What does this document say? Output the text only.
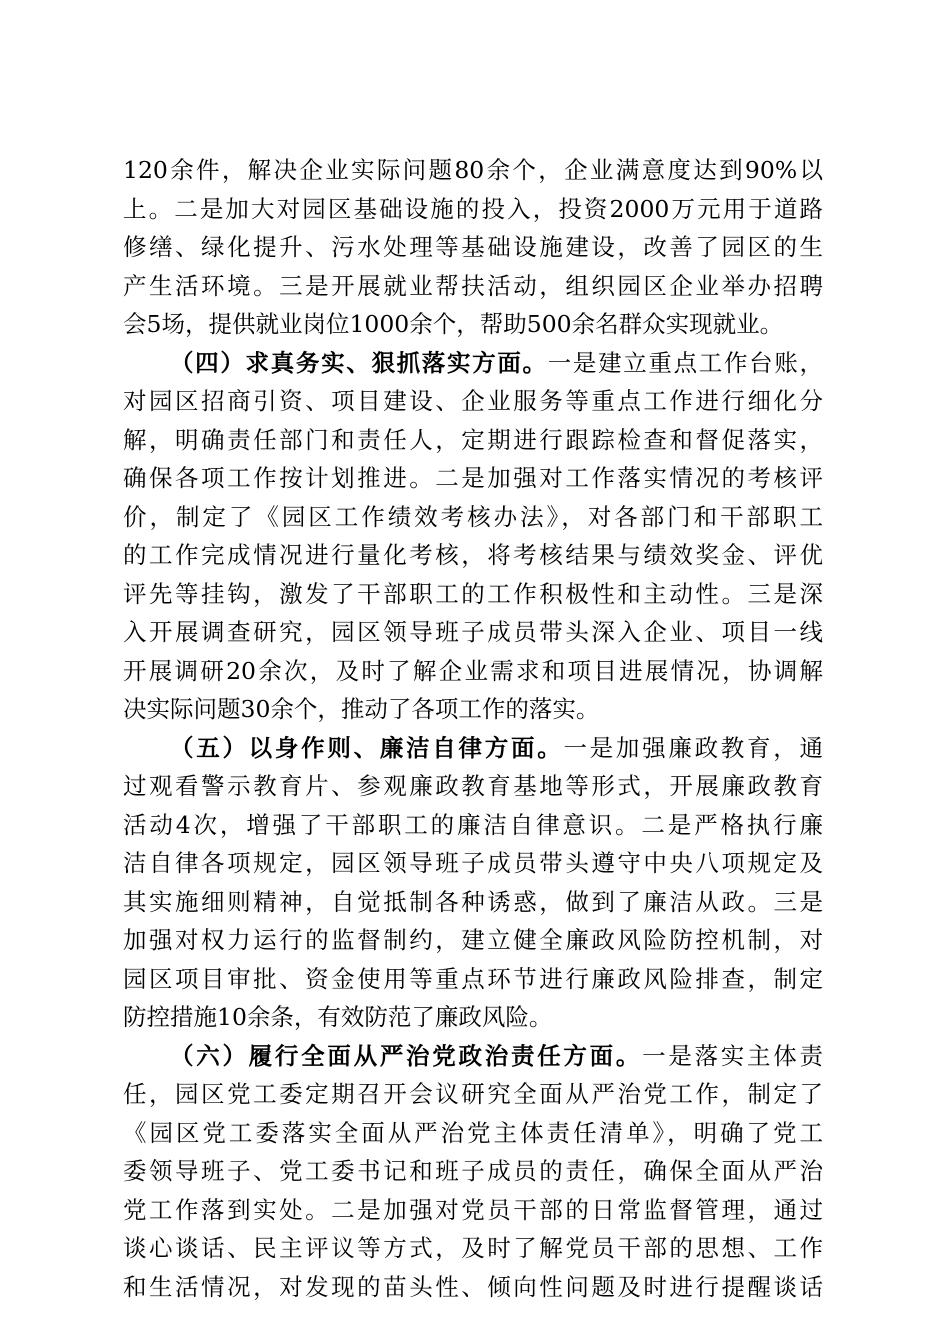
120余件，解决企业实际问题80余个，企业满意度达到90%以
上。二是加大对园区基础设施的投入，投资2000万元用于道路
修缮、绿化提升、污水处理等基础设施建设，改善了园区的生
产生活环境。三是开展就业帮扶活动，组织园区企业举办招聘
会5场，提供就业岗位1000余个，帮助500余名群众实现就业。
（四）求真务实、狠抓落实方面。一是建立重点工作台账，
对园区招商引资、项目建设、企业服务等重点工作进行细化分
解，明确责任部门和责任人，定期进行跟踪检查和督促落实，
确保各项工作按计划推进。二是加强对工作落实情况的考核评
价，制定了《园区工作绩效考核办法》，对各部门和干部职工
的工作完成情况进行量化考核，将考核结果与绩效奖金、评优
评先等挂钩，激发了干部职工的工作积极性和主动性。三是深
入开展调查研究，园区领导班子成员带头深入企业、项目一线
开展调研20余次，及时了解企业需求和项目进展情况，协调解
决实际问题30余个，推动了各项工作的落实。
（五）以身作则、廉洁自律方面。一是加强廉政教育，通
过观看警示教育片、参观廉政教育基地等形式，开展廉政教育
活动4次，增强了干部职工的廉洁自律意识。二是严格执行廉
洁自律各项规定，园区领导班子成员带头遵守中央八项规定及
其实施细则精神，自觉抵制各种诱惑，做到了廉洁从政。三是
加强对权力运行的监督制约，建立健全廉政风险防控机制，对
园区项目审批、资金使用等重点环节进行廉政风险排查，制定
防控措施10余条，有效防范了廉政风险。
（六）履行全面从严治党政治责任方面。一是落实主体责
任，园区党工委定期召开会议研究全面从严治党工作，制定了
《园区党工委落实全面从严治党主体责任清单》，明确了党工
委领导班子、党工委书记和班子成员的责任，确保全面从严治
党工作落到实处。二是加强对党员干部的日常监督管理，通过
谈心谈话、民主评议等方式，及时了解党员干部的思想、工作
和生活情况，对发现的苗头性、倾向性问题及时进行提醒谈话
